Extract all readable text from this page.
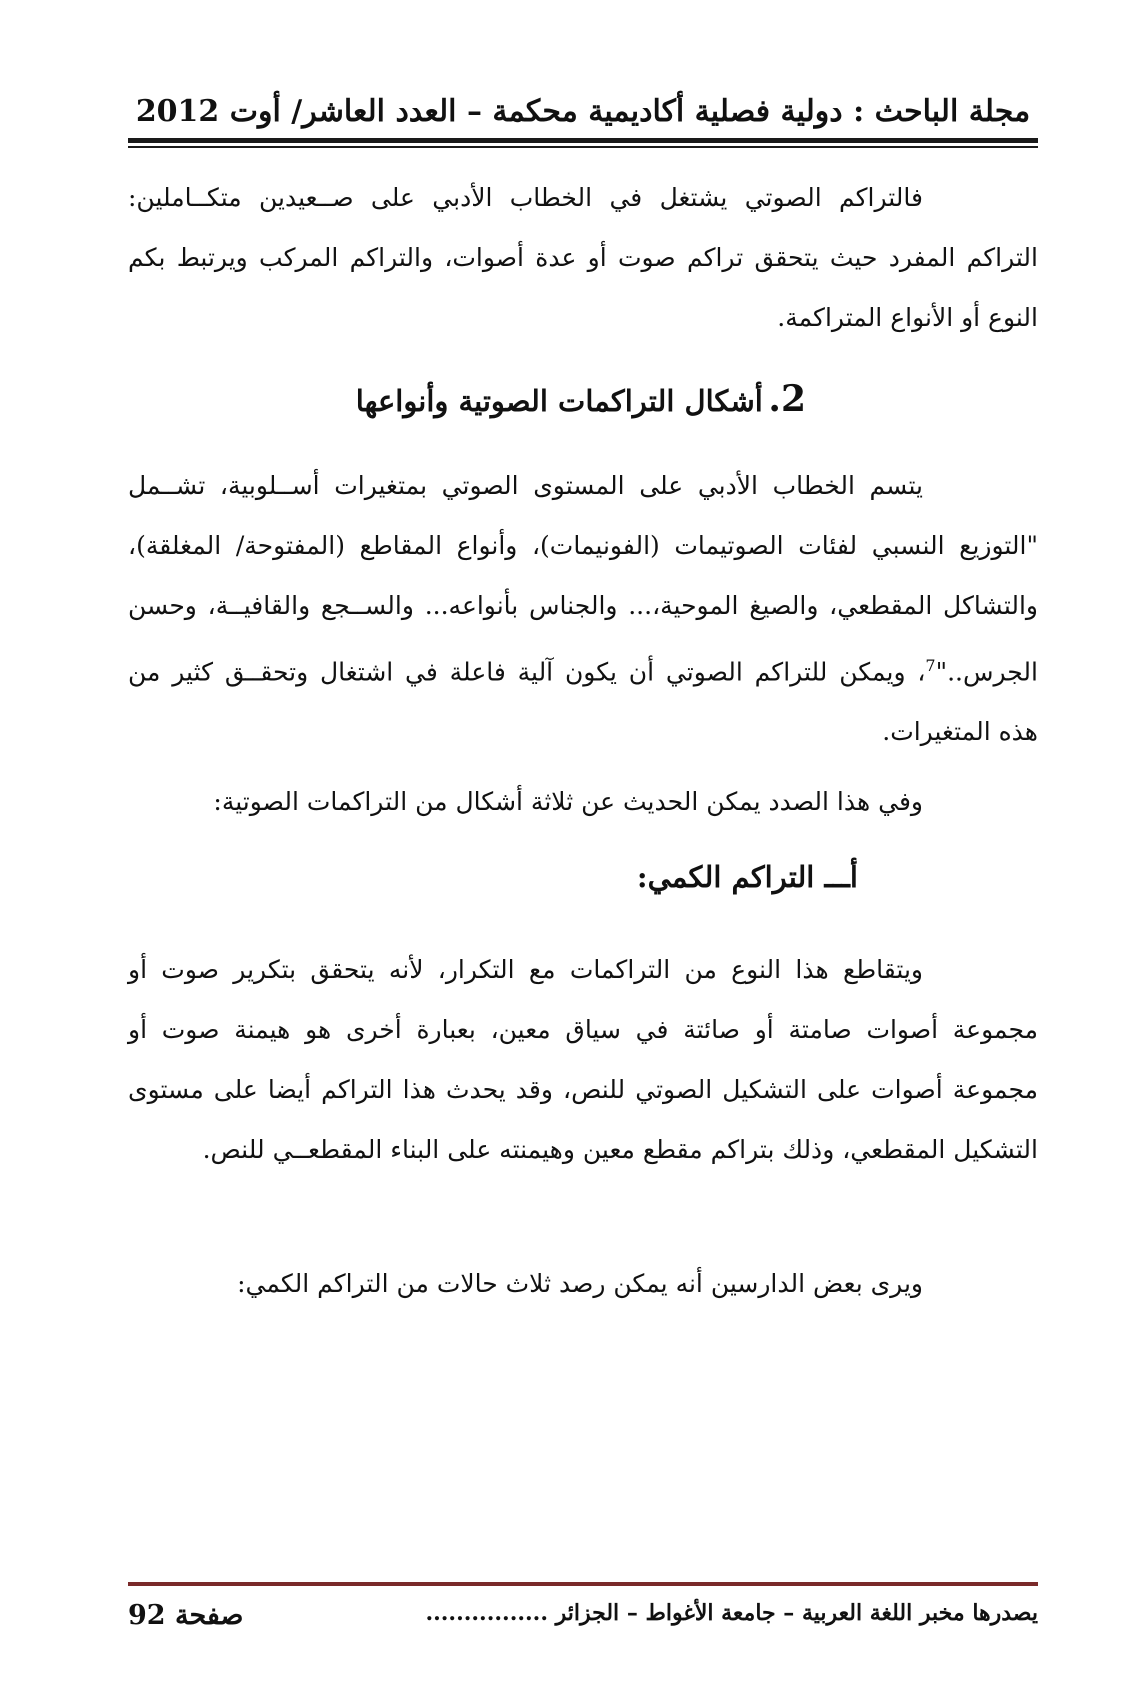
مجلة الباحث : دولية فصلية أكاديمية محكمة – العدد العاشر/ أوت 2012
فالتراكم الصوتي يشتغل في الخطاب الأدبي على صــعيدين متكــاملين: التراكم المفرد حيث يتحقق تراكم صوت أو عدة أصوات، والتراكم المركب ويرتبط بكم النوع أو الأنواع المتراكمة.
2. أشكال التراكمات الصوتية وأنواعها
يتسم الخطاب الأدبي على المستوى الصوتي بمتغيرات أســلوبية، تشــمل "التوزيع النسبي لفئات الصوتيمات (الفونيمات)، وأنواع المقاطع (المفتوحة/ المغلقة)، والتشاكل المقطعي، والصيغ الموحية،... والجناس بأنواعه... والســجع والقافيــة، وحسن الجرس.."$^7$، ويمكن للتراكم الصوتي أن يكون آلية فاعلة في اشتغال وتحقــق كثير من هذه المتغيرات.
وفي هذا الصدد يمكن الحديث عن ثلاثة أشكال من التراكمات الصوتية:
أـــ التراكم الكمي:
ويتقاطع هذا النوع من التراكمات مع التكرار، لأنه يتحقق بتكرير صوت أو مجموعة أصوات صامتة أو صائتة في سياق معين، بعبارة أخرى هو هيمنة صوت أو مجموعة أصوات على التشكيل الصوتي للنص، وقد يحدث هذا التراكم أيضا على مستوى التشكيل المقطعي، وذلك بتراكم مقطع معين وهيمنته على البناء المقطعــي للنص.
ويرى بعض الدارسين أنه يمكن رصد ثلاث حالات من التراكم الكمي:
صفحة 92	يصدرها مخبر اللغة العربية – جامعة الأغواط – الجزائر ................
